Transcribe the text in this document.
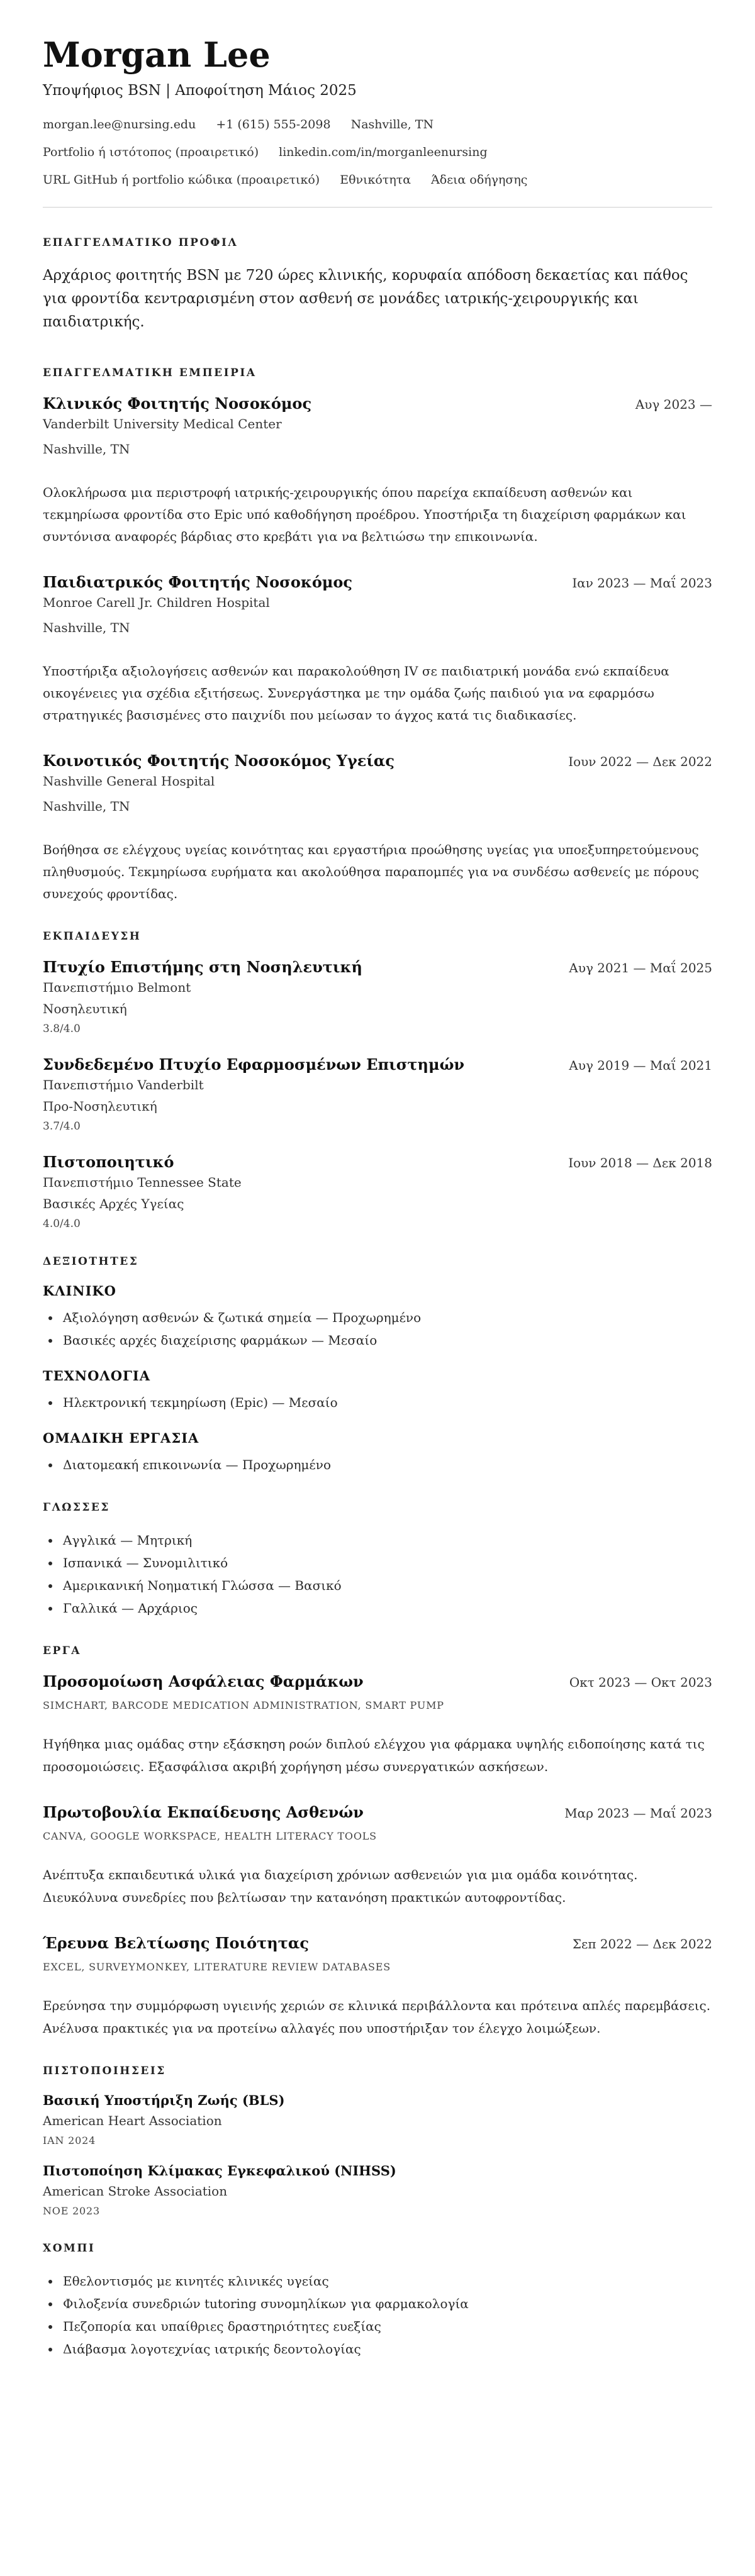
Morgan Lee
Υποψήφιος BSN | Αποφοίτηση Μάιος 2025
morgan.lee@nursing.edu +1 (615) 555-2098 Nashville, TN
Portfolio ή ιστότοπος (προαιρετικό) linkedin.com/in/morganleenursing
URL GitHub ή portfolio κώδικα (προαιρετικό) Εθνικότητα Άδεια οδήγησης
ΕΠΑΓΓΕΛΜΑΤΙΚΟ ΠΡΟΦΙΛ

Αρχάριος φοιτητής BSN με 720 ώρες κλινικής, κορυφαία απόδοση δεκαετίας και πάθος για φροντίδα κεντραρισμένη στον ασθενή σε μονάδες ιατρικής-χειρουργικής και παιδιατρικής.

ΕΠΑΓΓΕΛΜΑΤΙΚΗ ΕΜΠΕΙΡΙΑ
Κλινικός Φοιτητής Νοσοκόμος	Αυγ 2023 —
Vanderbilt University Medical Center
Nashville, TN
Ολοκλήρωσα μια περιστροφή ιατρικής-χειρουργικής όπου παρείχα εκπαίδευση ασθενών και τεκμηρίωσα φροντίδα στο Epic υπό καθοδήγηση προέδρου. Υποστήριξα τη διαχείριση φαρμάκων και συντόνισα αναφορές βάρδιας στο κρεβάτι για να βελτιώσω την επικοινωνία.
Παιδιατρικός Φοιτητής Νοσοκόμος	Ιαν 2023 — Μαΐ 2023
Monroe Carell Jr. Children Hospital
Nashville, TN
Υποστήριξα αξιολογήσεις ασθενών και παρακολούθηση IV σε παιδιατρική μονάδα ενώ εκπαίδευα οικογένειες για σχέδια εξιτήσεως. Συνεργάστηκα με την ομάδα ζωής παιδιού για να εφαρμόσω στρατηγικές βασισμένες στο παιχνίδι που μείωσαν το άγχος κατά τις διαδικασίες.
Κοινοτικός Φοιτητής Νοσοκόμος Υγείας	Ιουν 2022 — Δεκ 2022
Nashville General Hospital
Nashville, TN
Βοήθησα σε ελέγχους υγείας κοινότητας και εργαστήρια προώθησης υγείας για υποεξυπηρετούμενους πληθυσμούς. Τεκμηρίωσα ευρήματα και ακολούθησα παραπομπές για να συνδέσω ασθενείς με πόρους συνεχούς φροντίδας.
ΕΚΠΑΙΔΕΥΣΗ
Πτυχίο Επιστήμης στη Νοσηλευτική	Αυγ 2021 — Μαΐ 2025
Πανεπιστήμιο Belmont
Νοσηλευτική
3.8/4.0
Συνδεδεμένο Πτυχίο Εφαρμοσμένων Επιστημών	Αυγ 2019 — Μαΐ 2021
Πανεπιστήμιο Vanderbilt
Προ-Νοσηλευτική
3.7/4.0
Πιστοποιητικό	Ιουν 2018 — Δεκ 2018
Πανεπιστήμιο Tennessee State
Βασικές Αρχές Υγείας
4.0/4.0
ΔΕΞΙΟΤΗΤΕΣ
ΚΛΙΝΙΚΟ
• Αξιολόγηση ασθενών & ζωτικά σημεία — Προχωρημένο
• Βασικές αρχές διαχείρισης φαρμάκων — Μεσαίο
ΤΕΧΝΟΛΟΓΙΑ
• Ηλεκτρονική τεκμηρίωση (Epic) — Μεσαίο
ΟΜΑΔΙΚΗ ΕΡΓΑΣΙΑ
• Διατομεακή επικοινωνία — Προχωρημένο
ΓΛΩΣΣΕΣ
• Αγγλικά — Μητρική
• Ισπανικά — Συνομιλιτικό
• Αμερικανική Νοηματική Γλώσσα — Βασικό
• Γαλλικά — Αρχάριος
ΕΡΓΑ
Προσομοίωση Ασφάλειας Φαρμάκων	Οκτ 2023 — Οκτ 2023
SIMCHART, BARCODE MEDICATION ADMINISTRATION, SMART PUMP
Ηγήθηκα μιας ομάδας στην εξάσκηση ροών διπλού ελέγχου για φάρμακα υψηλής ειδοποίησης κατά τις προσομοιώσεις. Εξασφάλισα ακριβή χορήγηση μέσω συνεργατικών ασκήσεων.
Πρωτοβουλία Εκπαίδευσης Ασθενών	Μαρ 2023 — Μαΐ 2023
CANVA, GOOGLE WORKSPACE, HEALTH LITERACY TOOLS
Ανέπτυξα εκπαιδευτικά υλικά για διαχείριση χρόνιων ασθενειών για μια ομάδα κοινότητας. Διευκόλυνα συνεδρίες που βελτίωσαν την κατανόηση πρακτικών αυτοφροντίδας.
Έρευνα Βελτίωσης Ποιότητας	Σεπ 2022 — Δεκ 2022
EXCEL, SURVEYMONKEY, LITERATURE REVIEW DATABASES
Ερεύνησα την συμμόρφωση υγιεινής χεριών σε κλινικά περιβάλλοντα και πρότεινα απλές παρεμβάσεις. Ανέλυσα πρακτικές για να προτείνω αλλαγές που υποστήριξαν τον έλεγχο λοιμώξεων.
ΠΙΣΤΟΠΟΙΗΣΕΙΣ
Βασική Υποστήριξη Ζωής (BLS)
American Heart Association
ΙΑΝ 2024
Πιστοποίηση Κλίμακας Εγκεφαλικού (NIHSS)
American Stroke Association
ΝΟΕ 2023
ΧΟΜΠΙ
• Εθελοντισμός με κινητές κλινικές υγείας
• Φιλοξενία συνεδριών tutoring συνομηλίκων για φαρμακολογία
• Πεζοπορία και υπαίθριες δραστηριότητες ευεξίας
• Διάβασμα λογοτεχνίας ιατρικής δεοντολογίας
